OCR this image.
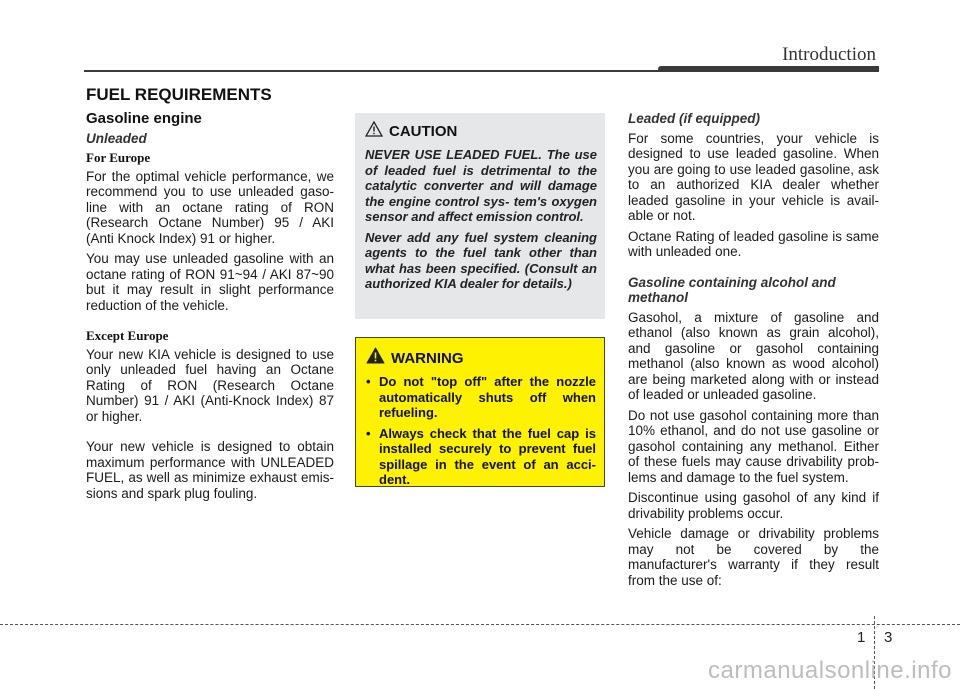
Introduction
FUEL REQUIREMENTS
Gasoline engine
Unleaded
For Europe

For the optimal vehicle performance, we recommend you to use unleaded gaso- line with an octane rating of RON (Research Octane Number) 95 / AKI (Anti Knock Index) 91 or higher.

You may use unleaded gasoline with an octane rating of RON 91~94 / AKI 87~90 but it may result in slight performance reduction of the vehicle.

Except Europe

Your new KIA vehicle is designed to use only unleaded fuel having an Octane Rating of RON (Research Octane Number) 91 / AKI (Anti-Knock Index) 87 or higher.

Your new vehicle is designed to obtain maximum performance with UNLEADED FUEL, as well as minimize exhaust emis- sions and spark plug fouling.

CAUTION

NEVER USE LEADED FUEL. The use of leaded fuel is detrimental to the catalytic converter and will damage the engine control sys- tem's oxygen sensor and affect emission control.

Never add any fuel system cleaning agents to the fuel tank other than what has been specified. (Consult an authorized KIA dealer for details.)

WARNING
• Do not "top off" after the nozzle automatically shuts off when refueling.
• Always check that the fuel cap is installed securely to prevent fuel spillage in the event of an acci- dent.
Leaded (if equipped)

For some countries, your vehicle is designed to use leaded gasoline. When you are going to use leaded gasoline, ask to an authorized KIA dealer whether leaded gasoline in your vehicle is avail- able or not.

Octane Rating of leaded gasoline is same with unleaded one.

Gasoline containing alcohol and methanol

Gasohol, a mixture of gasoline and ethanol (also known as grain alcohol), and gasoline or gasohol containing methanol (also known as wood alcohol) are being marketed along with or instead of leaded or unleaded gasoline.

Do not use gasohol containing more than 10% ethanol, and do not use gasoline or gasohol containing any methanol. Either of these fuels may cause drivability prob- lems and damage to the fuel system.

Discontinue using gasohol of any kind if drivability problems occur.

Vehicle damage or drivability problems may not be covered by the manufacturer's warranty if they result from the use of:

1 3
carmanualsonline.info
